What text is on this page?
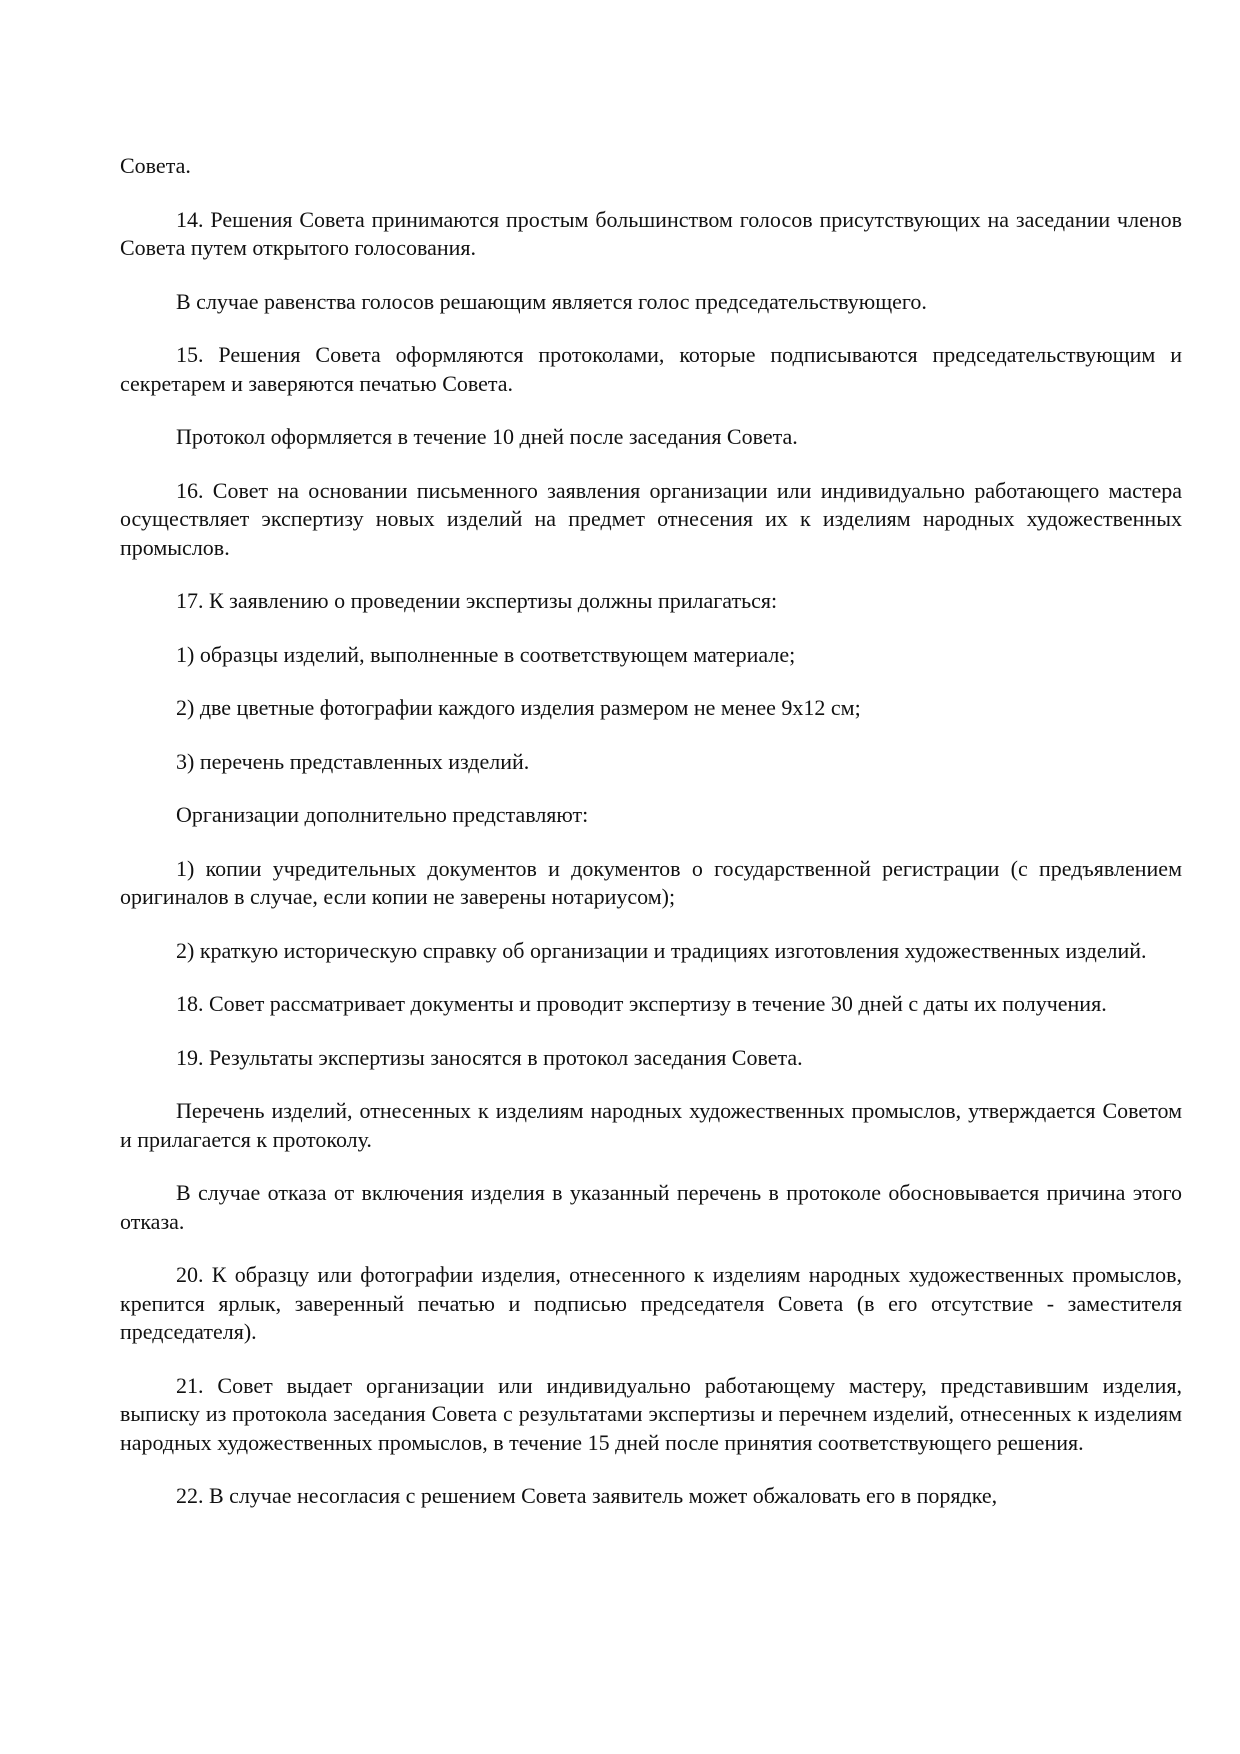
Совета.

14. Решения Совета принимаются простым большинством голосов присутствующих на заседании членов Совета путем открытого голосования.

В случае равенства голосов решающим является голос председательствующего.

15. Решения Совета оформляются протоколами, которые подписываются председательствующим и секретарем и заверяются печатью Совета.

Протокол оформляется в течение 10 дней после заседания Совета.

16. Совет на основании письменного заявления организации или индивидуально работающего мастера осуществляет экспертизу новых изделий на предмет отнесения их к изделиям народных художественных промыслов.

17. К заявлению о проведении экспертизы должны прилагаться:

1) образцы изделий, выполненные в соответствующем материале;

2) две цветные фотографии каждого изделия размером не менее 9x12 см;

3) перечень представленных изделий.

Организации дополнительно представляют:

1) копии учредительных документов и документов о государственной регистрации (с предъявлением оригиналов в случае, если копии не заверены нотариусом);

2) краткую историческую справку об организации и традициях изготовления художественных изделий.

18. Совет рассматривает документы и проводит экспертизу в течение 30 дней с даты их получения.

19. Результаты экспертизы заносятся в протокол заседания Совета.

Перечень изделий, отнесенных к изделиям народных художественных промыслов, утверждается Советом и прилагается к протоколу.

В случае отказа от включения изделия в указанный перечень в протоколе обосновывается причина этого отказа.

20. К образцу или фотографии изделия, отнесенного к изделиям народных художественных промыслов, крепится ярлык, заверенный печатью и подписью председателя Совета (в его отсутствие - заместителя председателя).

21. Совет выдает организации или индивидуально работающему мастеру, представившим изделия, выписку из протокола заседания Совета с результатами экспертизы и перечнем изделий, отнесенных к изделиям народных художественных промыслов, в течение 15 дней после принятия соответствующего решения.

22. В случае несогласия с решением Совета заявитель может обжаловать его в порядке,
